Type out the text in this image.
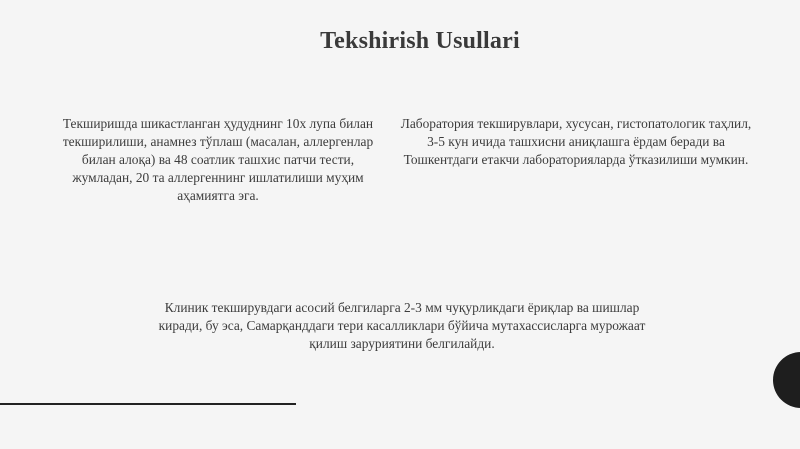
Tekshirish Usullari

Текширишда шикастланган ҳудуднинг 10x лупа билан текширилиши, анамнез тўплаш (масалан, аллергенлар билан алоқа) ва 48 соатлик ташхис патчи тести, жумладан, 20 та аллергеннинг ишлатилиши муҳим аҳамиятга эга.

Лаборатория текширувлари, хусусан, гистопатологик таҳлил, 3-5 кун ичида ташхисни аниқлашга ёрдам беради ва Тошкентдаги етакчи лабораторияларда ўтказилиши мумкин.

Клиник текширувдаги асосий белгиларга 2-3 мм чуқурликдаги ёриқлар ва шишлар киради, бу эса, Самарқанддаги тери касалликлари бўйича мутахассисларга мурожаат қилиш заруриятини белгилайди.
